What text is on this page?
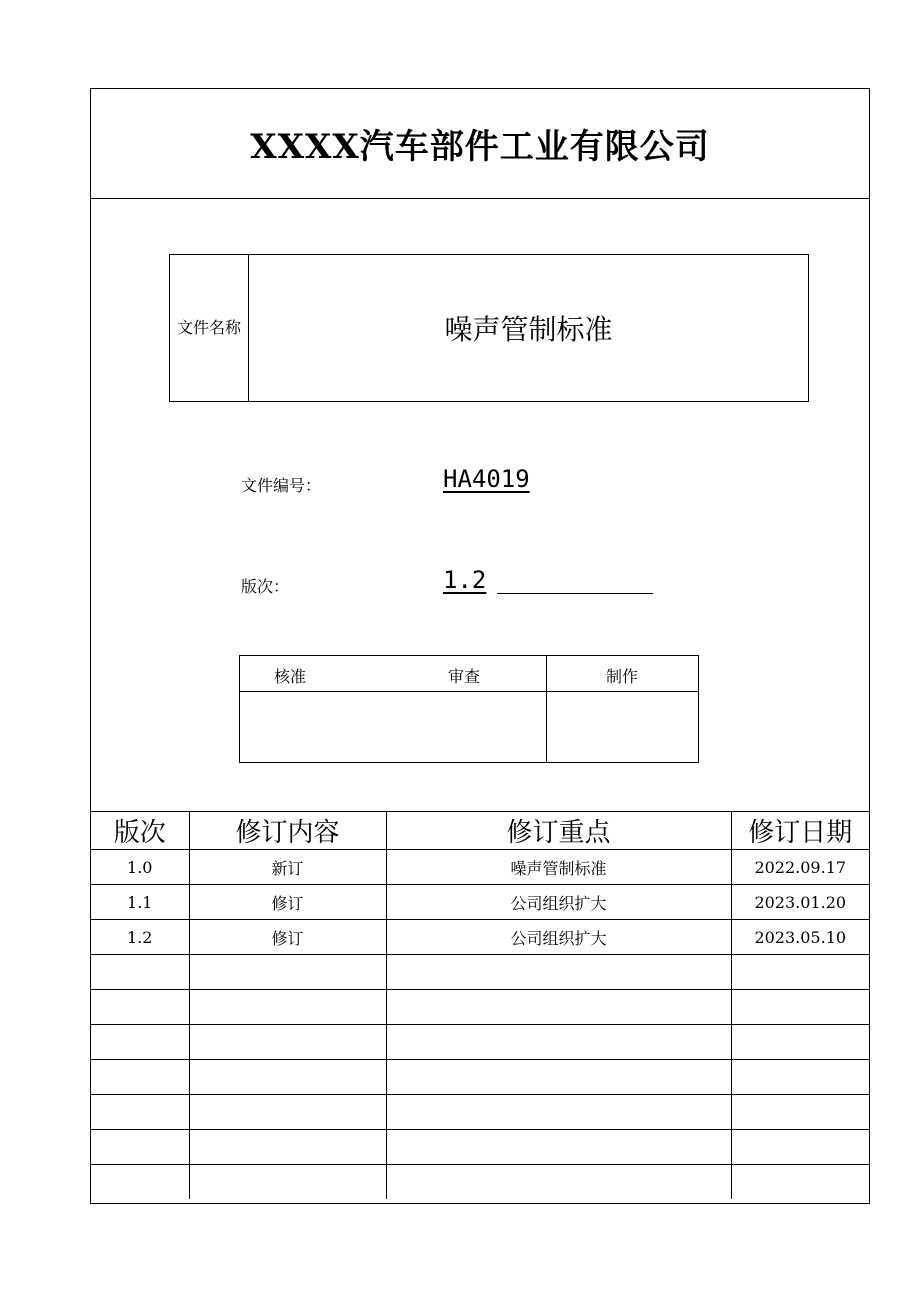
XXXX汽车部件工业有限公司
文件名称	噪声管制标准
文件编号：	HA4019
版次：	1.2
核准	审查	制作
版次	修订内容	修订重点	修订日期
1.0	新订	噪声管制标准	2022.09.17
1.1	修订	公司组织扩大	2023.01.20
1.2	修订	公司组织扩大	2023.05.10
